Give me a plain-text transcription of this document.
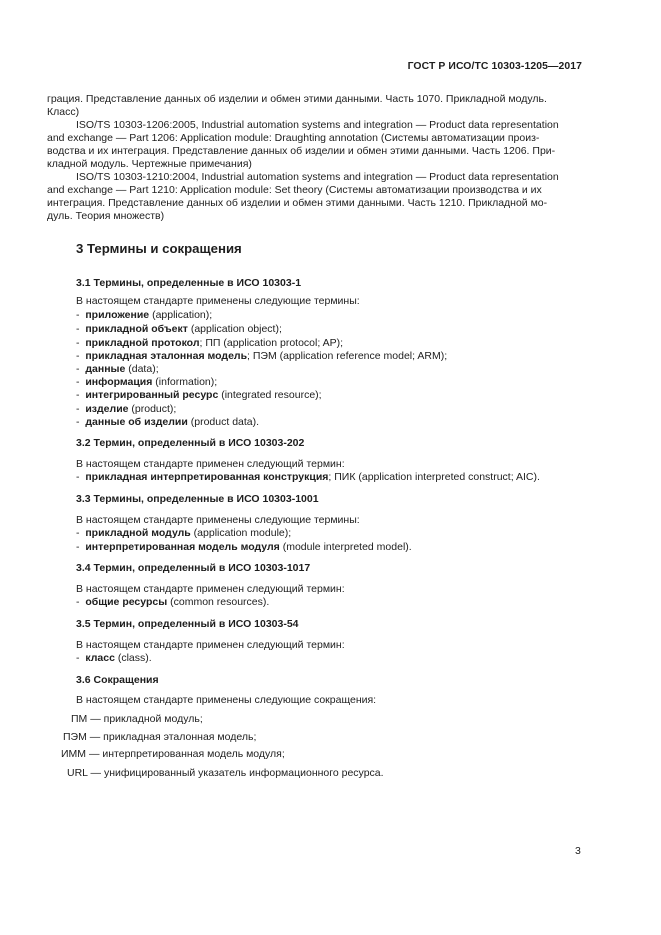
ГОСТ Р ИСО/ТС 10303-1205—2017
грация. Представление данных об изделии и обмен этими данными. Часть 1070. Прикладной модуль.
Класс)
ISO/TS 10303-1206:2005, Industrial automation systems and integration — Product data representation
and exchange — Part 1206: Application module: Draughting annotation (Системы автоматизации произ-
водства и их интеграция. Представление данных об изделии и обмен этими данными. Часть 1206. При-
кладной модуль. Чертежные примечания)
ISO/TS 10303-1210:2004, Industrial automation systems and integration — Product data representation
and exchange — Part 1210: Application module: Set theory (Системы автоматизации производства и их
интеграция. Представление данных об изделии и обмен этими данными. Часть 1210. Прикладной мо-
дуль. Теория множеств)
3 Термины и сокращения
3.1 Термины, определенные в ИСО 10303-1
В настоящем стандарте применены следующие термины:
- приложение (application);
- прикладной объект (application object);
- прикладной протокол; ПП (application protocol; AP);
- прикладная эталонная модель; ПЭМ (application reference model; ARM);
- данные (data);
- информация (information);
- интегрированный ресурс (integrated resource);
- изделие (product);
- данные об изделии (product data).
3.2 Термин, определенный в ИСО 10303-202
В настоящем стандарте применен следующий термин:
- прикладная интерпретированная конструкция; ПИК (application interpreted construct; AIC).
3.3 Термины, определенные в ИСО 10303-1001
В настоящем стандарте применены следующие термины:
- прикладной модуль (application module);
- интерпретированная модель модуля (module interpreted model).
3.4 Термин, определенный в ИСО 10303-1017
В настоящем стандарте применен следующий термин:
- общие ресурсы (common resources).
3.5 Термин, определенный в ИСО 10303-54
В настоящем стандарте применен следующий термин:
- класс (class).
3.6 Сокращения
В настоящем стандарте применены следующие сокращения:
ПМ — прикладной модуль;
ПЭМ — прикладная эталонная модель;
ИММ — интерпретированная модель модуля;
URL — унифицированный указатель информационного ресурса.
3
